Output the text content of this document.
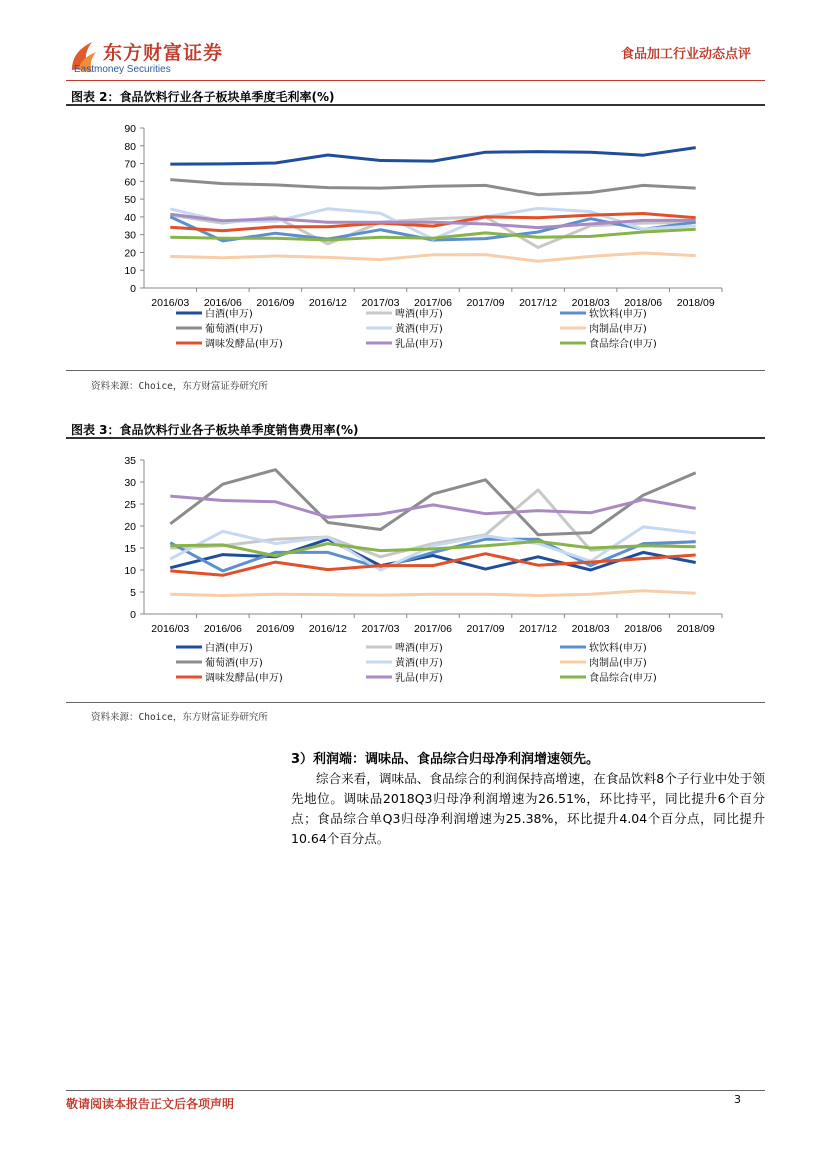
东方财富证券
Eastmoney Securities
食品加工行业动态点评
图表 2：食品饮料行业各子板块单季度毛利率(%)
0
10
20
30
40
50
60
70
80
90
2016/03 2016/06 2016/09 2016/12 2017/03 2017/06 2017/09 2017/12 2018/03 2018/06 2018/09
白酒(申万)	啤酒(申万)	软饮料(申万)
葡萄酒(申万)	黄酒(申万)	肉制品(申万)
调味发酵品(申万)	乳品(申万)	食品综合(申万)
资料来源：Choice，东方财富证券研究所
图表 3：食品饮料行业各子板块单季度销售费用率(%)
0
5
10
15
20
25
30
35
2016/03 2016/06 2016/09 2016/12 2017/03 2017/06 2017/09 2017/12 2018/03 2018/06 2018/09
白酒(申万)	啤酒(申万)	软饮料(申万)
葡萄酒(申万)	黄酒(申万)	肉制品(申万)
调味发酵品(申万)	乳品(申万)	食品综合(申万)
资料来源：Choice，东方财富证券研究所
3）利润端：调味品、食品综合归母净利润增速领先。
综合来看，调味品、食品综合的利润保持高增速，在食品饮料8个子行业中处于领先地位。调味品2018Q3归母净利润增速为26.51%，环比持平，同比提升6个百分点；食品综合单Q3归母净利润增速为25.38%，环比提升4.04个百分点，同比提升10.64个百分点。
敬请阅读本报告正文后各项声明	3
